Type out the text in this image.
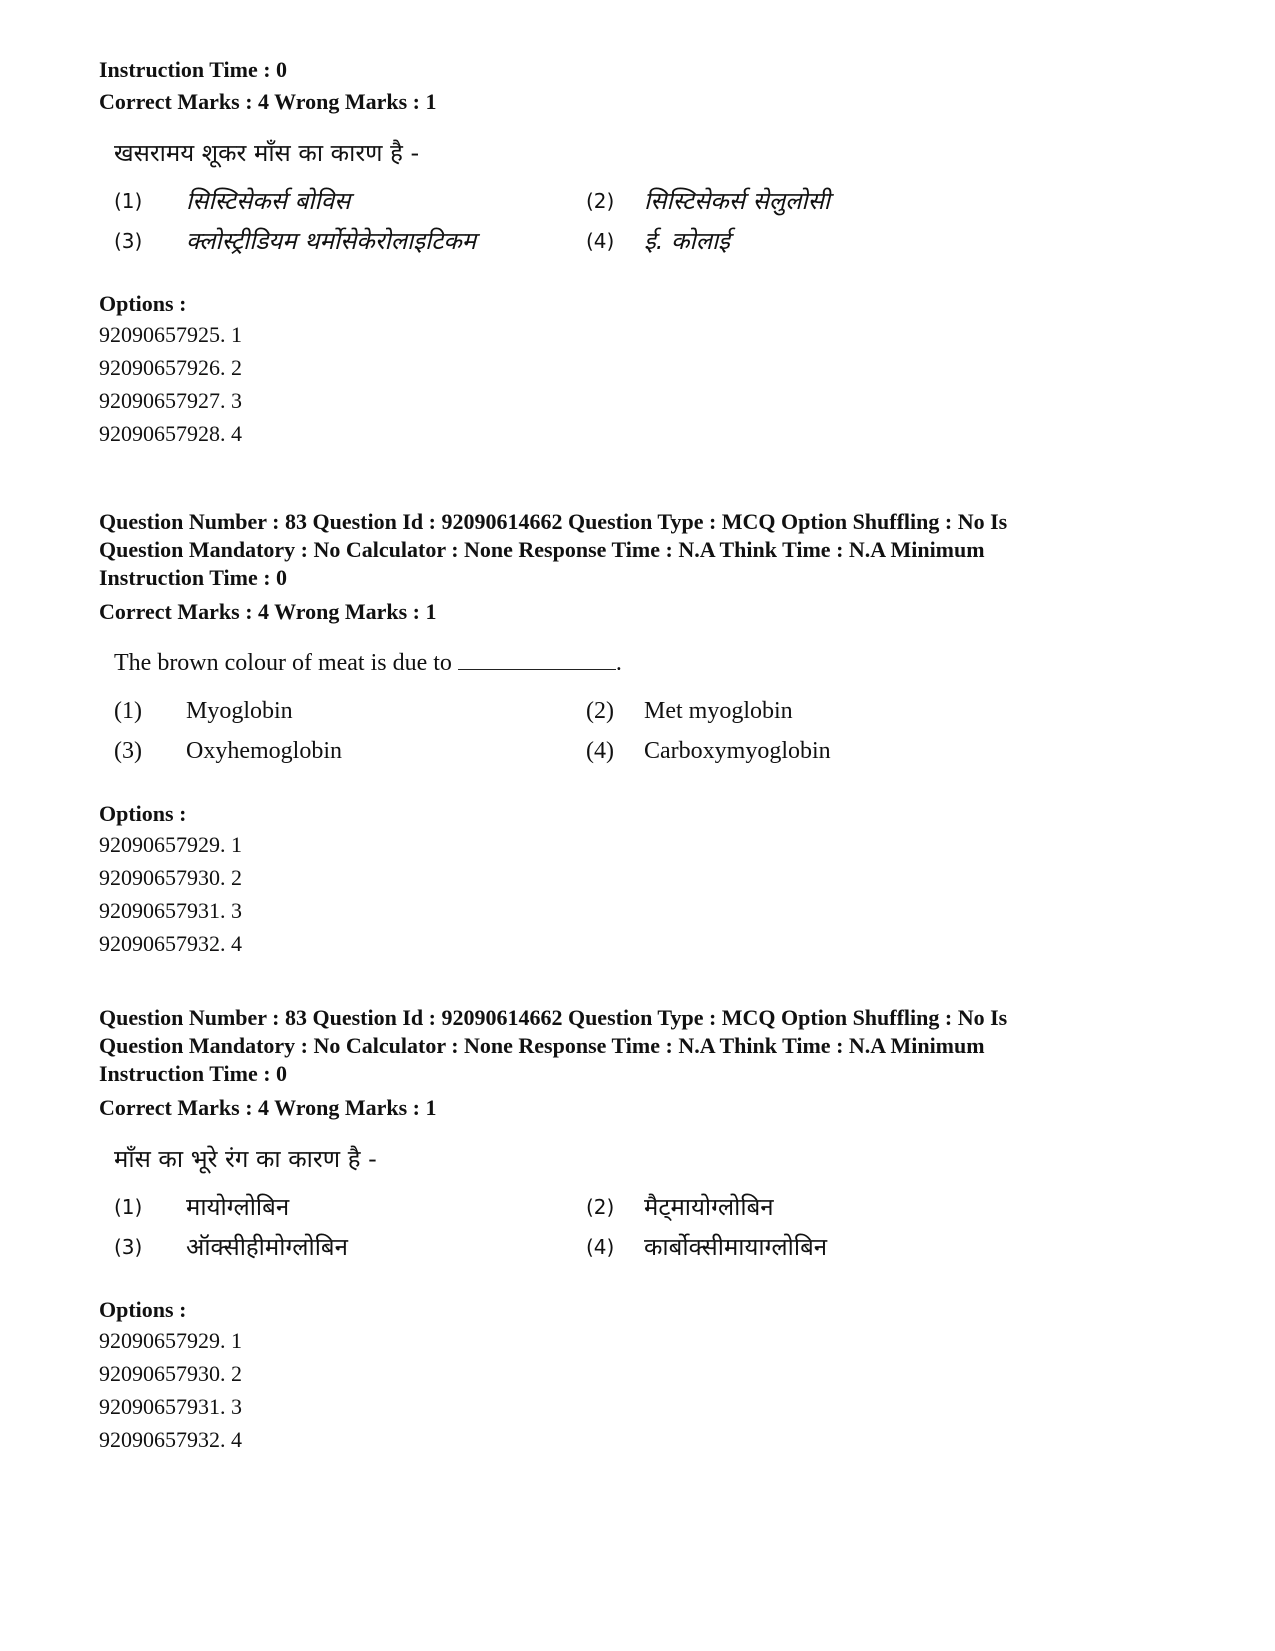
Instruction Time : 0
Correct Marks : 4 Wrong Marks : 1
खसरामय शूकर माँस का कारण है -
(1)	सिस्टिसेकर्स बोविस	(2)	सिस्टिसेकर्स सेलुलोसी
(3)	क्लोस्ट्रीडियम थर्मोसेकेरोलाइटिकम	(4)	ई. कोलाई
Options :
92090657925. 1
92090657926. 2
92090657927. 3
92090657928. 4
Question Number : 83 Question Id : 92090614662 Question Type : MCQ Option Shuffling : No Is
Question Mandatory : No Calculator : None Response Time : N.A Think Time : N.A Minimum
Instruction Time : 0
Correct Marks : 4 Wrong Marks : 1
The brown colour of meat is due to	.
(1)	Myoglobin	(2)	Met myoglobin
(3)	Oxyhemoglobin	(4)	Carboxymyoglobin
Options :
92090657929. 1
92090657930. 2
92090657931. 3
92090657932. 4
Question Number : 83 Question Id : 92090614662 Question Type : MCQ Option Shuffling : No Is
Question Mandatory : No Calculator : None Response Time : N.A Think Time : N.A Minimum
Instruction Time : 0
Correct Marks : 4 Wrong Marks : 1
माँस का भूरे रंग का कारण है -
(1)	मायोग्लोबिन	(2)	मैट्मायोग्लोबिन
(3)	ऑक्सीहीमोग्लोबिन	(4)	कार्बोक्सीमायाग्लोबिन
Options :
92090657929. 1
92090657930. 2
92090657931. 3
92090657932. 4
